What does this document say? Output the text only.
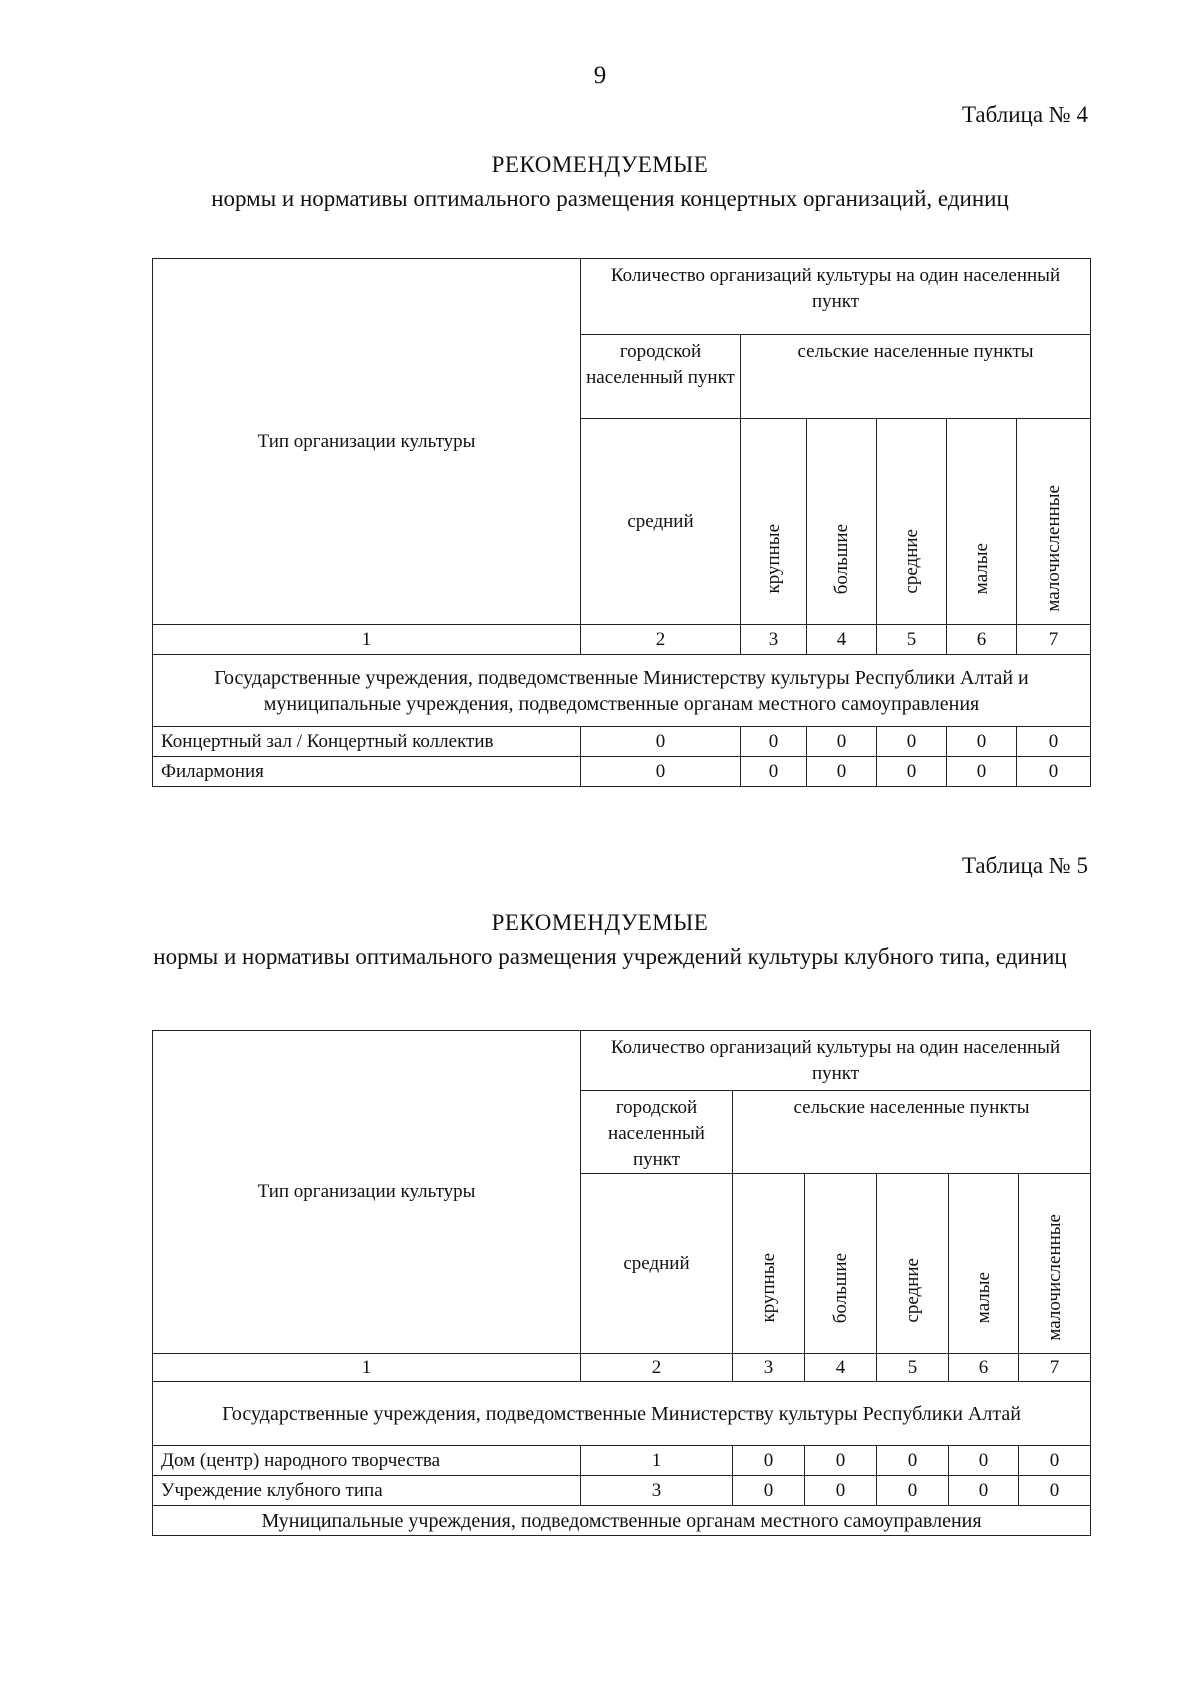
9
Таблица № 4
РЕКОМЕНДУЕМЫЕ
нормы и нормативы оптимального размещения концертных организаций, единиц
Тип организации культуры	Количество организаций культуры на один населенный пункт					
	городской населенный пункт	сельские населенные пункты				
	средний	крупные	большие	средние	малые	малочисленные
1	2	3	4	5	6	7
Государственные учреждения, подведомственные Министерству культуры Республики Алтай и муниципальные учреждения, подведомственные органам местного самоуправления						
Концертный зал / Концертный коллектив	0	0	0	0	0	0
Филармония	0	0	0	0	0	0
Таблица № 5
РЕКОМЕНДУЕМЫЕ
нормы и нормативы оптимального размещения учреждений культуры клубного типа, единиц
Тип организации культуры	Количество организаций культуры на один населенный пункт					
	городской населенный пункт	сельские населенные пункты				
	средний	крупные	большие	средние	малые	малочисленные
1	2	3	4	5	6	7
Государственные учреждения, подведомственные Министерству культуры Республики Алтай						
Дом (центр) народного творчества	1	0	0	0	0	0
Учреждение клубного типа	3	0	0	0	0	0
Муниципальные учреждения, подведомственные органам местного самоуправления						
